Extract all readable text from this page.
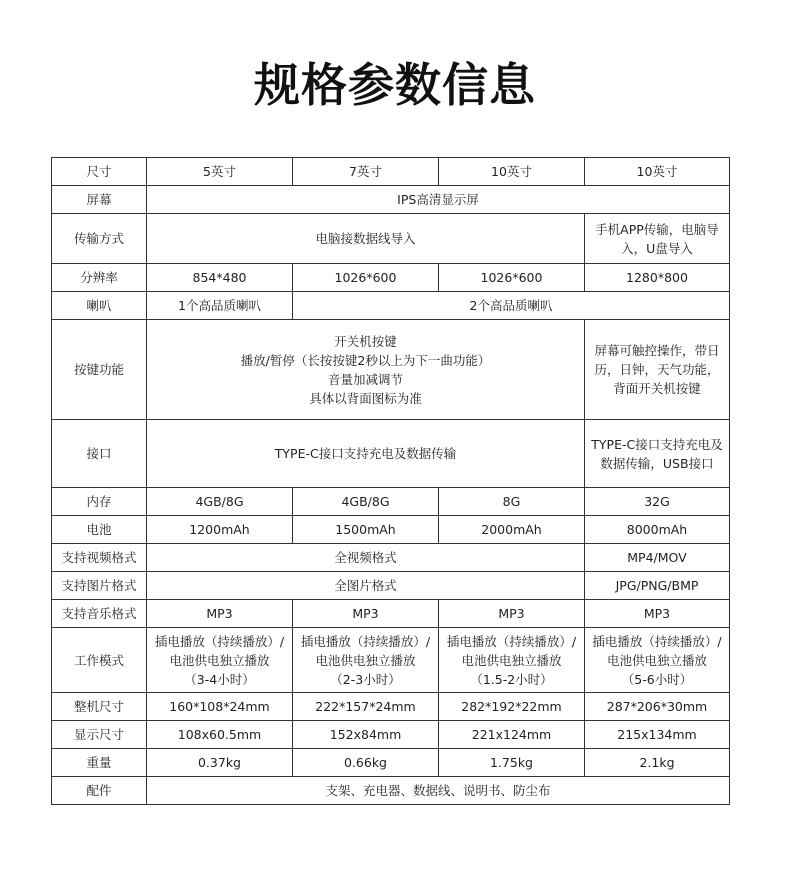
规格参数信息
尺寸	5英寸	7英寸	10英寸	10英寸

屏幕	IPS高清显示屏			

传输方式	电脑接数据线导入			手机APP传输，电脑导
入，U盘导入

分辨率	854*480	1026*600	1026*600	1280*800

喇叭	1个高品质喇叭	2个高品质喇叭		

按键功能	开关机按键
播放/暂停（长按按键2秒以上为下一曲功能）
音量加减调节
具体以背面图标为准			屏幕可触控操作，带日
历，日钟，天气功能，
背面开关机按键

接口	TYPE-C接口支持充电及数据传输			TYPE-C接口支持充电及
数据传输，USB接口

内存	4GB/8G	4GB/8G	8G	32G

电池	1200mAh	1500mAh	2000mAh	8000mAh

支持视频格式	全视频格式			MP4/MOV

支持图片格式	全图片格式			JPG/PNG/BMP

支持音乐格式	MP3	MP3	MP3	MP3

工作模式	插电播放（持续播放）/
电池供电独立播放
（3-4小时）	插电播放（持续播放）/
电池供电独立播放
（2-3小时）	插电播放（持续播放）/
电池供电独立播放
（1.5-2小时）	插电播放（持续播放）/
电池供电独立播放
（5-6小时）

整机尺寸	160*108*24mm	222*157*24mm	282*192*22mm	287*206*30mm

显示尺寸	108x60.5mm	152x84mm	221x124mm	215x134mm

重量	0.37kg	0.66kg	1.75kg	2.1kg

配件	支架、充电器、数据线、说明书、防尘布			
